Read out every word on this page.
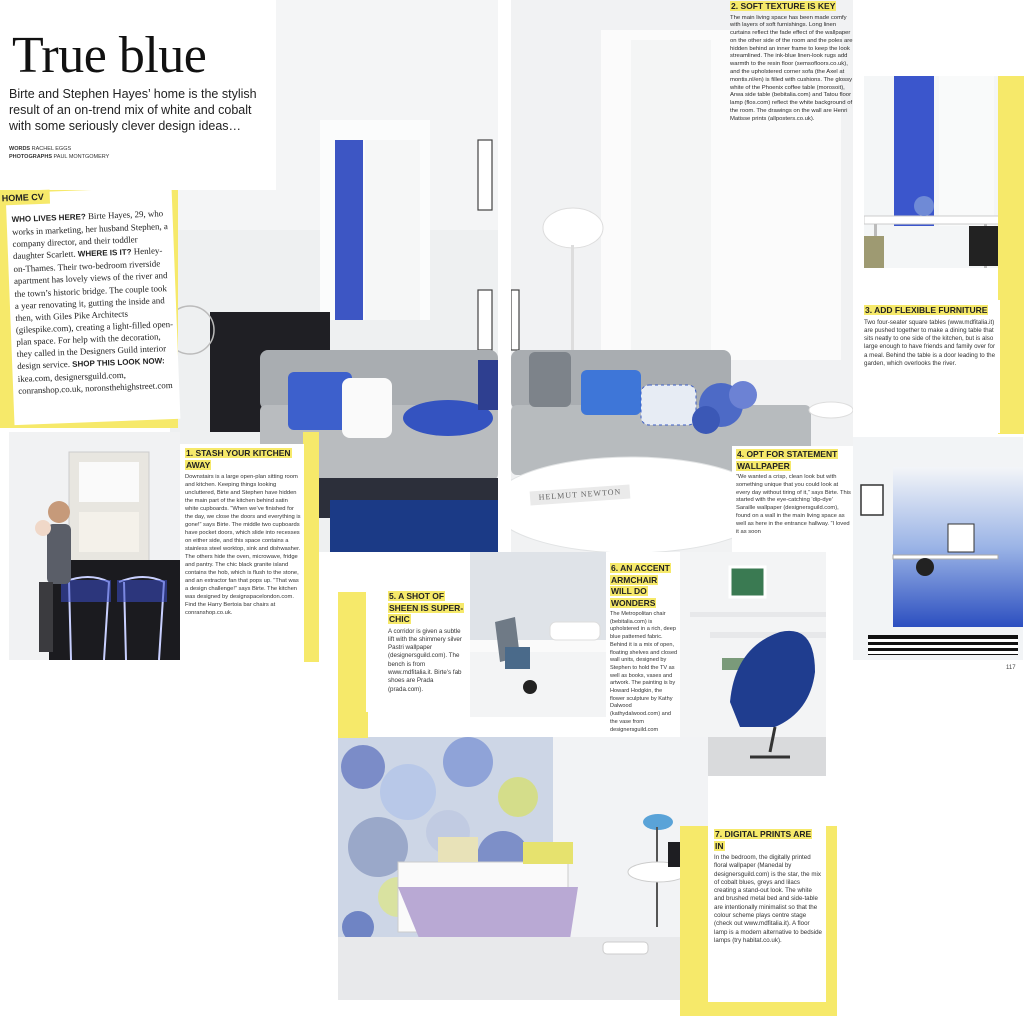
HELMUT NEWTON
True blue

Birte and Stephen Hayes’ home is the stylish result of an on-trend mix of white and cobalt with some seriously clever design ideas…

WORDS RACHEL EGGS
PHOTOGRAPHS PAUL MONTGOMERY
HOME CV
WHO LIVES HERE? Birte Hayes, 29, who works in marketing, her husband Stephen, a company director, and their toddler daughter Scarlett. WHERE IS IT? Henley-on-Thames. Their two-bedroom riverside apartment has lovely views of the river and the town’s historic bridge. The couple took a year renovating it, gutting the inside and then, with Giles Pike Architects (gilespike.com), creating a light-filled open-plan space. For help with the decoration, they called in the Designers Guild interior design service. SHOP THIS LOOK NOW: ikea.com, designersguild.com, conranshop.co.uk, noronsthehighstreet.com
2. SOFT TEXTURE IS KEY

The main living space has been made comfy with layers of soft furnishings. Long linen curtains reflect the fade effect of the wallpaper on the other side of the room and the poles are hidden behind an inner frame to keep the look streamlined. The ink-blue linen-look rugs add warmth to the resin floor (semsofloors.co.uk), and the upholstered corner sofa (the Axel at montis.nl/en) is filled with cushions. The glossy white of the Phoenix coffee table (morosoit), Arwa side table (bebitalia.com) and Tatou floor lamp (flos.com) reflect the white background of the room. The drawings on the wall are Henri Matisse prints (allposters.co.uk).

3. ADD FLEXIBLE FURNITURE

Two four-seater square tables (www.mdfitalia.it) are pushed together to make a dining table that sits neatly to one side of the kitchen, but is also large enough to have friends and family over for a meal. Behind the table is a door leading to the garden, which overlooks the river.

1. STASH YOUR KITCHEN AWAY

Downstairs is a large open-plan sitting room and kitchen. Keeping things looking uncluttered, Birte and Stephen have hidden the main part of the kitchen behind satin white cupboards. “When we’ve finished for the day, we close the doors and everything is gone!” says Birte. The middle two cupboards have pocket doors, which slide into recesses on either side, and this space contains a stainless steel worktop, sink and dishwasher. The others hide the oven, microwave, fridge and pantry. The chic black granite island contains the hob, which is flush to the stone, and an extractor fan that pops up. “That was a design challenge!” says Birte. The kitchen was designed by designspacelondon.com. Find the Harry Bertoia bar chairs at conranshop.co.uk.

4. OPT FOR STATEMENT WALLPAPER

“We wanted a crisp, clean look but with something unique that you could look at every day without tiring of it,” says Birte. This started with the eye-catching ‘dip-dye’ Saraille wallpaper (designersguild.com), found on a wall in the main living space as well as here in the entrance hallway. “I loved it as soon

5. A SHOT OF SHEEN IS SUPER-CHIC

A corridor is given a subtle lift with the shimmery silver Pastri wallpaper (designersguild.com). The bench is from www.mdfitalia.it. Birte’s fab shoes are Prada (prada.com).

6. AN ACCENT ARMCHAIR WILL DO WONDERS

The Metropolitan chair (bebitalia.com) is upholstered in a rich, deep blue patterned fabric. Behind it is a mix of open, floating shelves and closed wall units, designed by Stephen to hold the TV as well as books, vases and artwork. The painting is by Howard Hodgkin, the flower sculpture by Kathy Dalwood (kathydalwood.com) and the vase from designersguild.com

7. DIGITAL PRINTS ARE IN

In the bedroom, the digitally printed floral wallpaper (Manedal by designersguild.com) is the star, the mix of cobalt blues, greys and lilacs creating a stand-out look. The white and brushed metal bed and side-table are intentionally minimalist so that the colour scheme plays centre stage (check out www.mdfitalia.it). A floor lamp is a modern alternative to bedside lamps (try habitat.co.uk).

117
